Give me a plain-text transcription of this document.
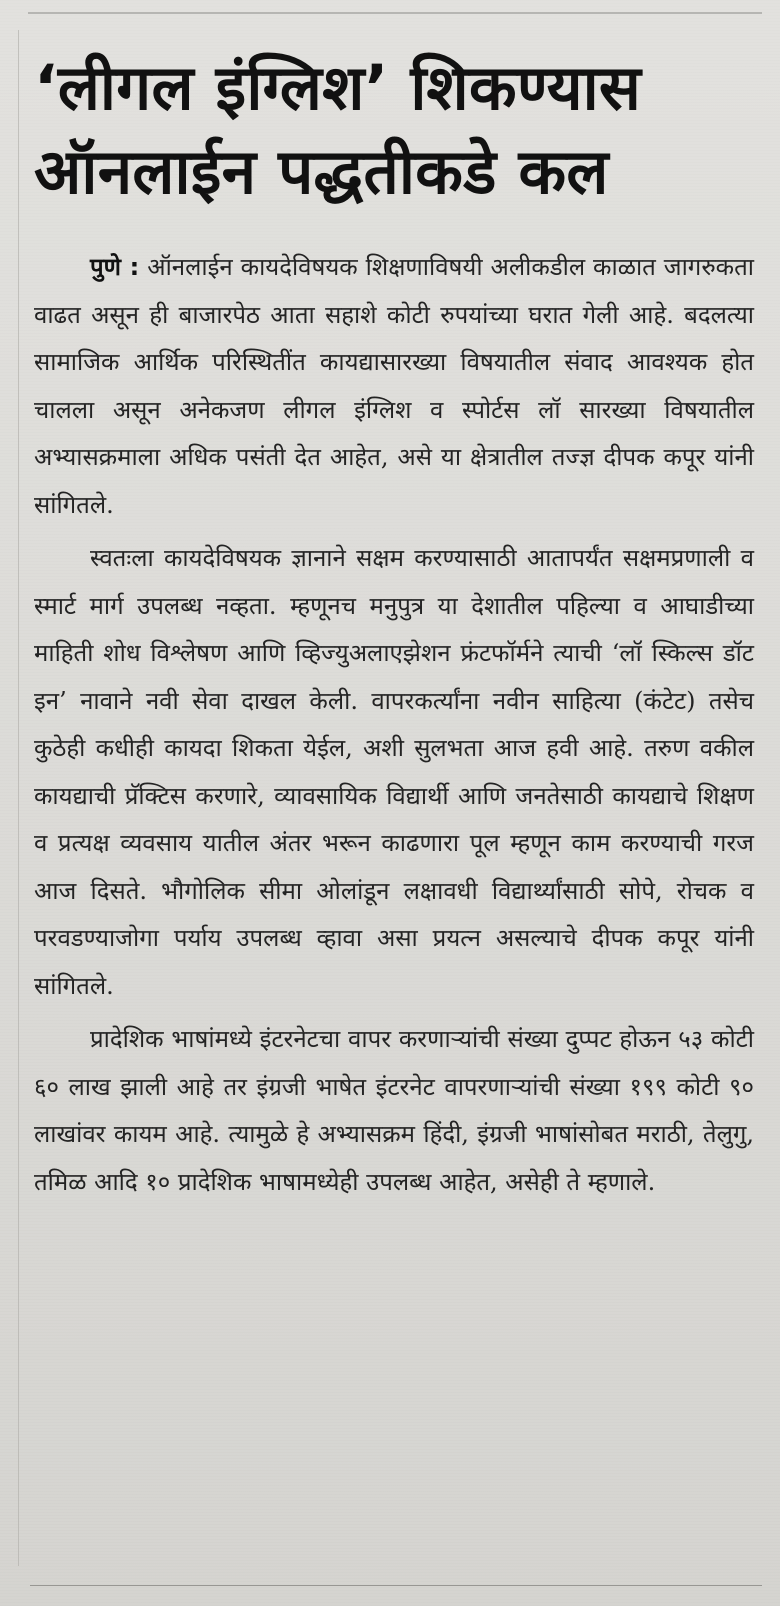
‘लीगल इंग्लिश’ शिकण्यास
ऑनलाईन पद्धतीकडे कल

पुणे : ऑनलाईन कायदेविषयक शिक्षणाविषयी अलीकडील काळात जागरुकता वाढत असून ही बाजारपेठ आता सहाशे कोटी रुपयांच्या घरात गेली आहे. बदलत्या सामाजिक आर्थिक परिस्थितींत कायद्यासारख्या विषयातील संवाद आवश्यक होत चालला असून अनेकजण लीगल इंग्लिश व स्पोर्टस लॉ सारख्या विषयातील अभ्यासक्रमाला अधिक पसंती देत आहेत, असे या क्षेत्रातील तज्ज्ञ दीपक कपूर यांनी सांगितले.

स्वतःला कायदेविषयक ज्ञानाने सक्षम करण्यासाठी आतापर्यंत सक्षमप्रणाली व स्मार्ट मार्ग उपलब्ध नव्हता. म्हणूनच मनुपुत्र या देशातील पहिल्या व आघाडीच्या माहिती शोध विश्लेषण आणि व्हिज्युअलाएझेशन फ्रंटफॉर्मने त्याची ‘लॉ स्किल्स डॉट इन’ नावाने नवी सेवा दाखल केली. वापरकर्त्यांना नवीन साहित्या (कंटेट) तसेच कुठेही कधीही कायदा शिकता येईल, अशी सुलभता आज हवी आहे. तरुण वकील कायद्याची प्रॅक्टिस करणारे, व्यावसायिक विद्यार्थी आणि जनतेसाठी कायद्याचे शिक्षण व प्रत्यक्ष व्यवसाय यातील अंतर भरून काढणारा पूल म्हणून काम करण्याची गरज आज दिसते. भौगोलिक सीमा ओलांडून लक्षावधी विद्यार्थ्यांसाठी सोपे, रोचक व परवडण्याजोगा पर्याय उपलब्ध व्हावा असा प्रयत्न असल्याचे दीपक कपूर यांनी सांगितले.

प्रादेशिक भाषांमध्ये इंटरनेटचा वापर करणाऱ्यांची संख्या दुप्पट होऊन ५३ कोटी ६० लाख झाली आहे तर इंग्रजी भाषेत इंटरनेट वापरणाऱ्यांची संख्या १९९ कोटी ९० लाखांवर कायम आहे. त्यामुळे हे अभ्यासक्रम हिंदी, इंग्रजी भाषांसोबत मराठी, तेलुगु, तमिळ आदि १० प्रादेशिक भाषामध्येही उपलब्ध आहेत, असेही ते म्हणाले.
